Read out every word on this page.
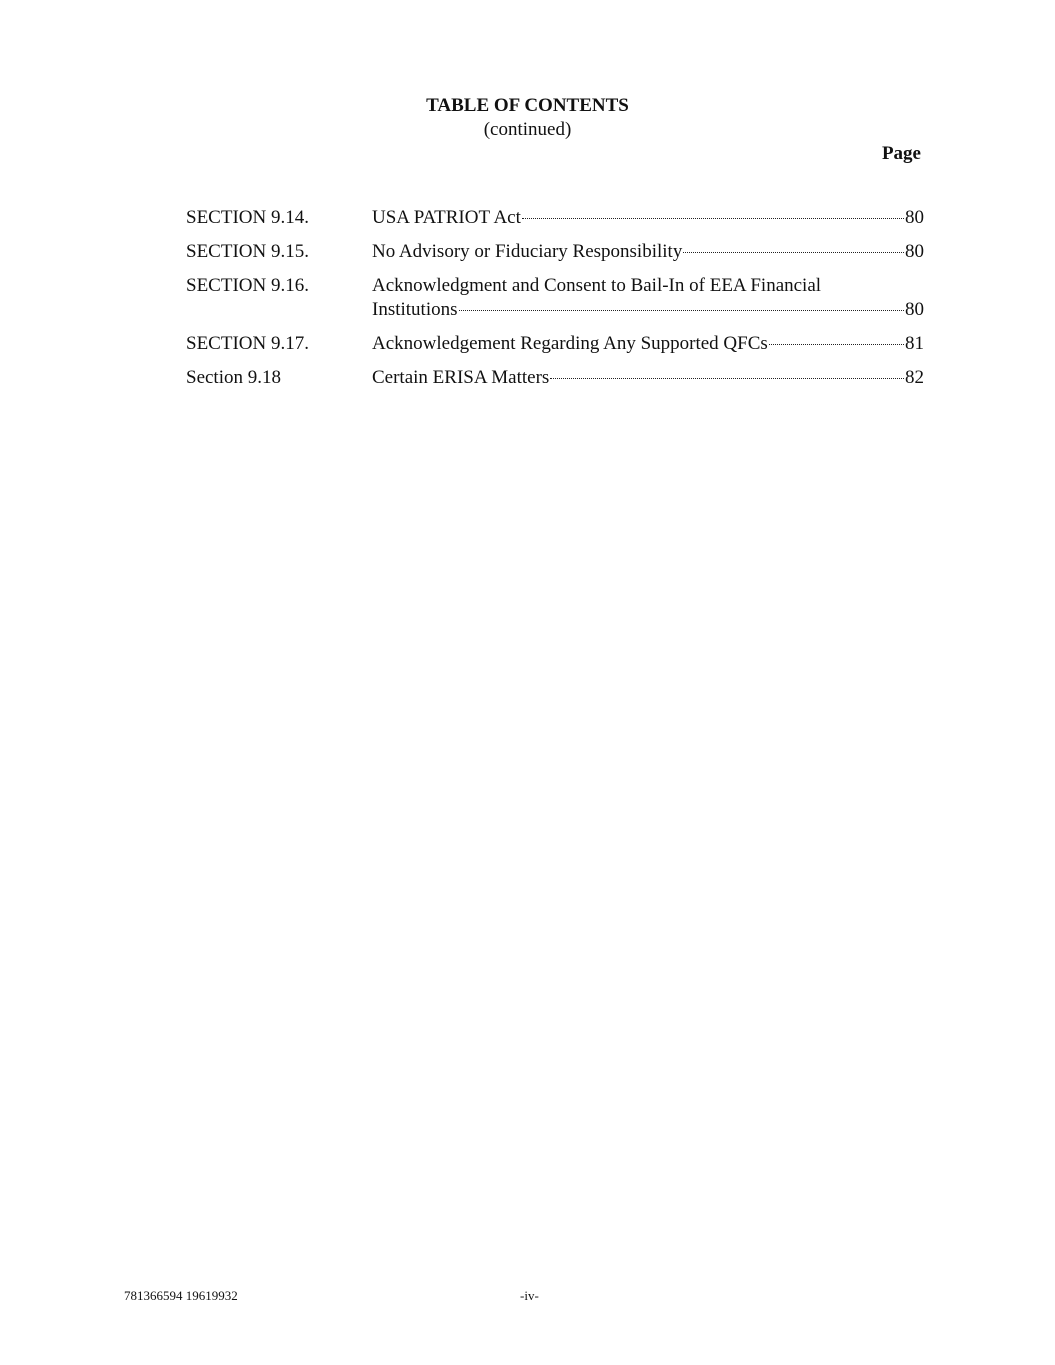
TABLE OF CONTENTS
(continued)
Page
SECTION 9.14.	USA PATRIOT Act	80
SECTION 9.15.	No Advisory or Fiduciary Responsibility	80
SECTION 9.16.	Acknowledgment and Consent to Bail-In of EEA Financial
Institutions	80
SECTION 9.17.	Acknowledgement Regarding Any Supported QFCs	81
Section 9.18	Certain ERISA Matters	82
781366594 19619932	-iv-
